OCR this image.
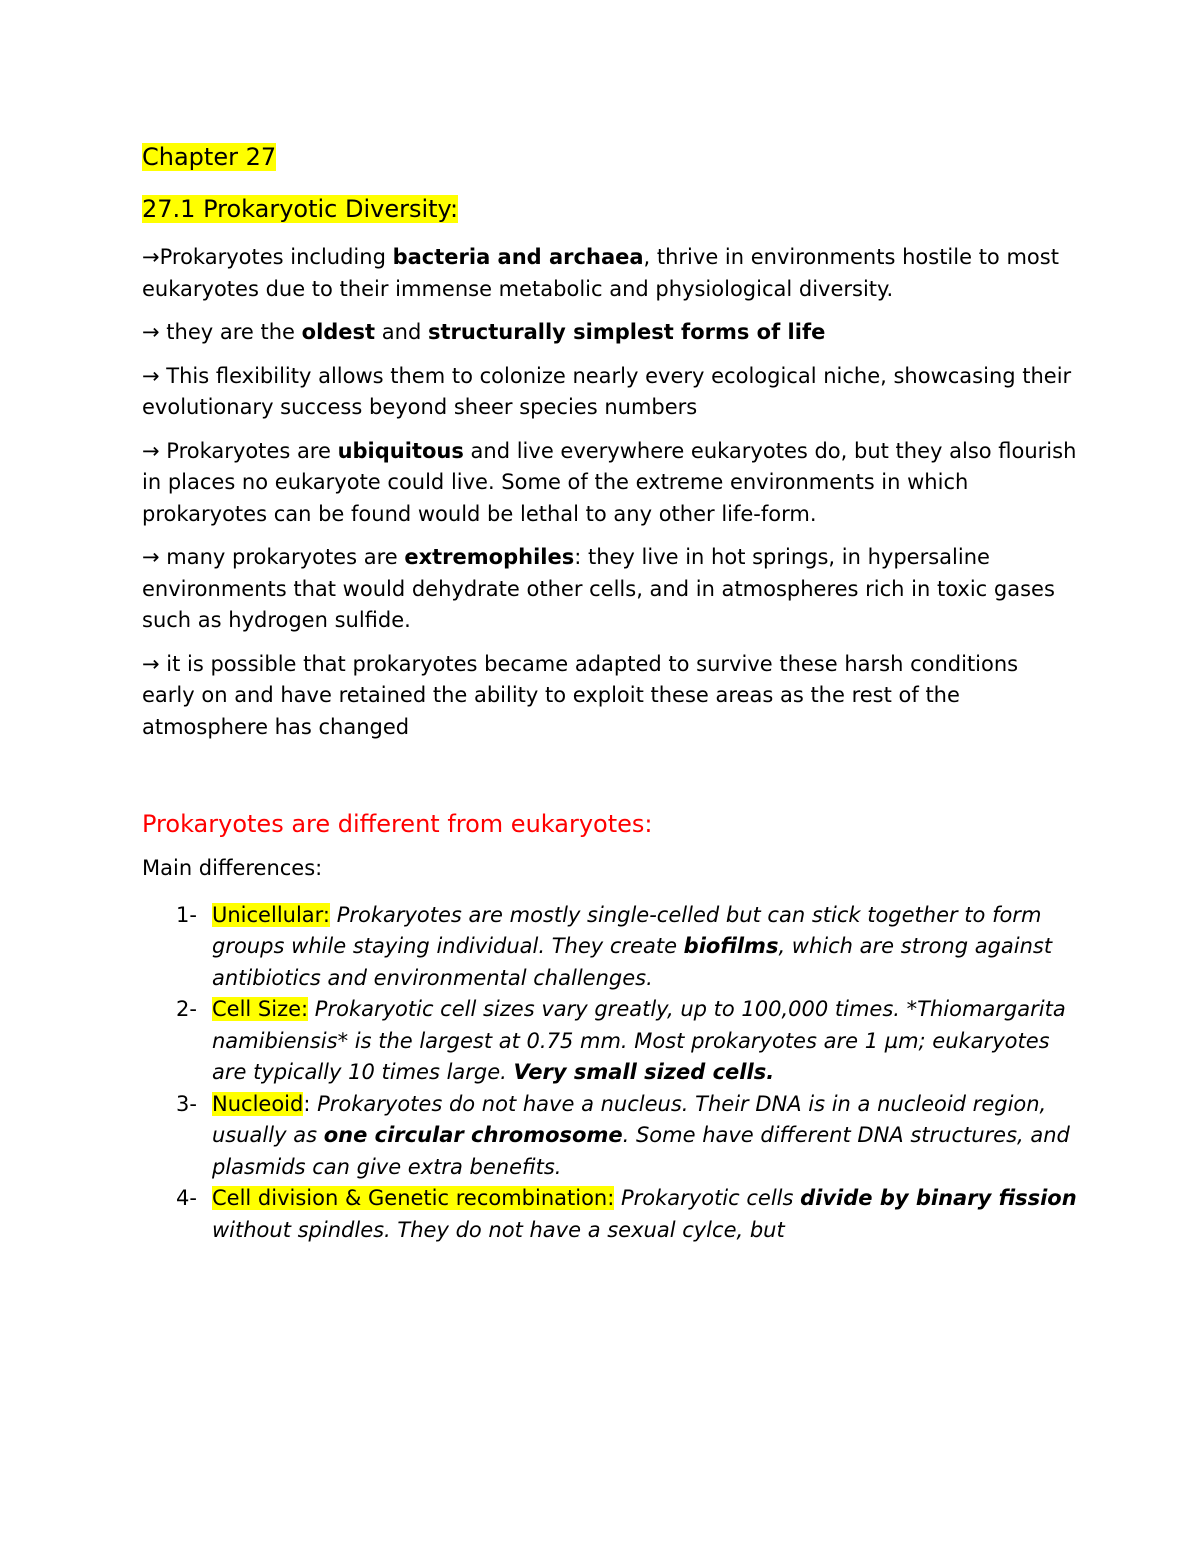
Chapter 27
27.1 Prokaryotic Diversity:

→Prokaryotes including bacteria and archaea, thrive in environments hostile to most eukaryotes due to their immense metabolic and physiological diversity.

→ they are the oldest and structurally simplest forms of life

→ This flexibility allows them to colonize nearly every ecological niche, showcasing their evolutionary success beyond sheer species numbers

→ Prokaryotes are ubiquitous and live everywhere eukaryotes do, but they also flourish in places no eukaryote could live. Some of the extreme environments in which prokaryotes can be found would be lethal to any other life-form.

→ many prokaryotes are extremophiles: they live in hot springs, in hypersaline environments that would dehydrate other cells, and in atmospheres rich in toxic gases such as hydrogen sulfide.

→ it is possible that prokaryotes became adapted to survive these harsh conditions early on and have retained the ability to exploit these areas as the rest of the atmosphere has changed

Prokaryotes are different from eukaryotes:

Main differences:

1- Unicellular: Prokaryotes are mostly single-celled but can stick together to form groups while staying individual. They create biofilms, which are strong against antibiotics and environmental challenges.
2- Cell Size: Prokaryotic cell sizes vary greatly, up to 100,000 times. *Thiomargarita namibiensis* is the largest at 0.75 mm. Most prokaryotes are 1 µm; eukaryotes are typically 10 times large. Very small sized cells.
3- Nucleoid: Prokaryotes do not have a nucleus. Their DNA is in a nucleoid region, usually as one circular chromosome. Some have different DNA structures, and plasmids can give extra benefits.
4- Cell division & Genetic recombination: Prokaryotic cells divide by binary fission without spindles. They do not have a sexual cylce, but
